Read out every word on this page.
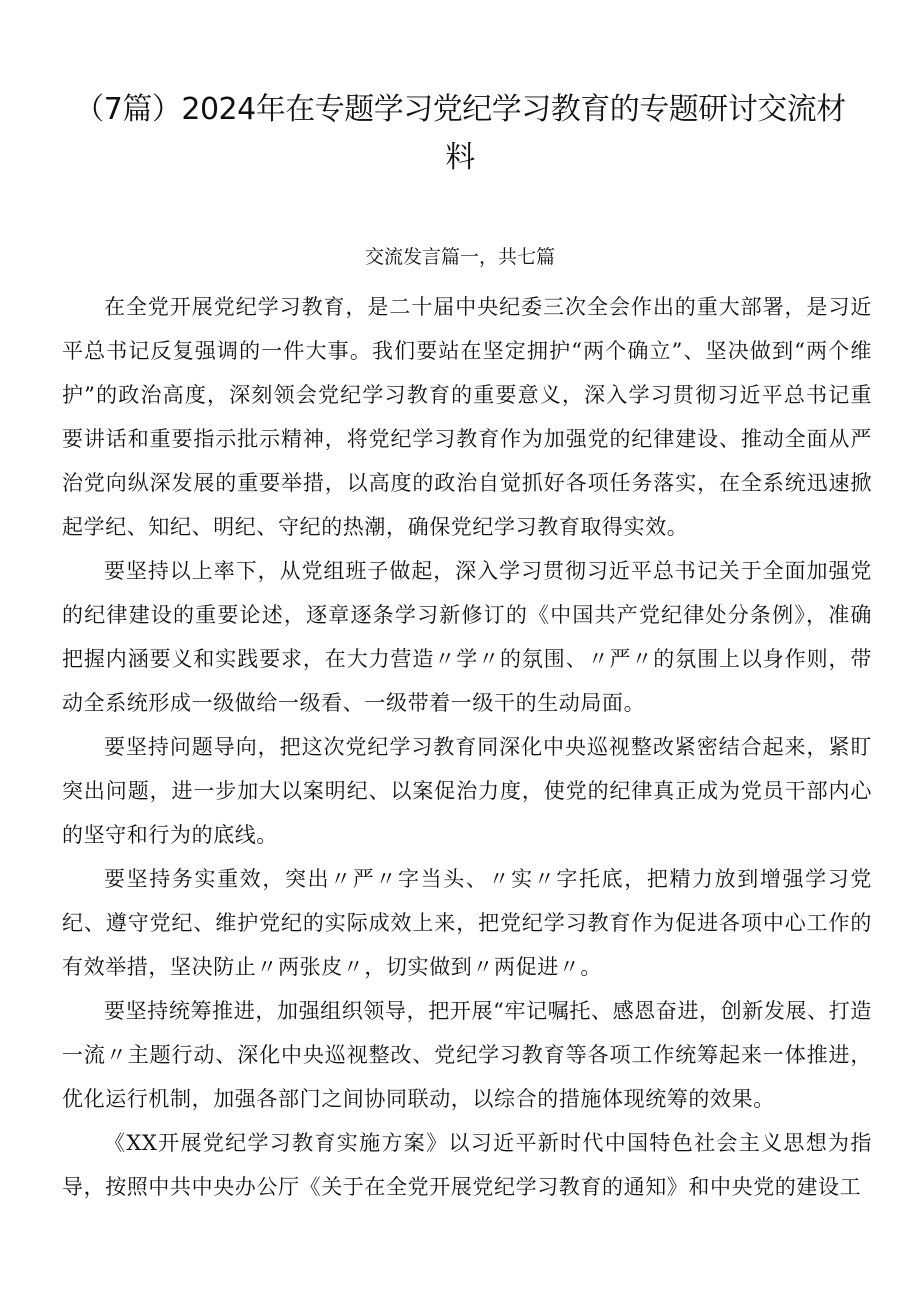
（7篇）2024年在专题学习党纪学习教育的专题研讨交流材料
交流发言篇一，共七篇

在全党开展党纪学习教育，是二十届中央纪委三次全会作出的重大部署，是习近平总书记反复强调的一件大事。我们要站在坚定拥护“两个确立”、坚决做到“两个维护”的政治高度，深刻领会党纪学习教育的重要意义，深入学习贯彻习近平总书记重要讲话和重要指示批示精神，将党纪学习教育作为加强党的纪律建设、推动全面从严治党向纵深发展的重要举措，以高度的政治自觉抓好各项任务落实，在全系统迅速掀起学纪、知纪、明纪、守纪的热潮，确保党纪学习教育取得实效。

要坚持以上率下，从党组班子做起，深入学习贯彻习近平总书记关于全面加强党的纪律建设的重要论述，逐章逐条学习新修订的《中国共产党纪律处分条例》，准确把握内涵要义和实践要求，在大力营造〃学〃的氛围、〃严〃的氛围上以身作则，带动全系统形成一级做给一级看、一级带着一级干的生动局面。

要坚持问题导向，把这次党纪学习教育同深化中央巡视整改紧密结合起来，紧盯突出问题，进一步加大以案明纪、以案促治力度，使党的纪律真正成为党员干部内心的坚守和行为的底线。

要坚持务实重效，突出〃严〃字当头、〃实〃字托底，把精力放到增强学习党纪、遵守党纪、维护党纪的实际成效上来，把党纪学习教育作为促进各项中心工作的有效举措，坚决防止〃两张皮〃，切实做到〃两促进〃。

要坚持统筹推进，加强组织领导，把开展“牢记嘱托、感恩奋进，创新发展、打造一流〃主题行动、深化中央巡视整改、党纪学习教育等各项工作统筹起来一体推进，优化运行机制，加强各部门之间协同联动，以综合的措施体现统筹的效果。

《XX开展党纪学习教育实施方案》以习近平新时代中国特色社会主义思想为指导，按照中共中央办公厅《关于在全党开展党纪学习教育的通知》和中央党的建设工
